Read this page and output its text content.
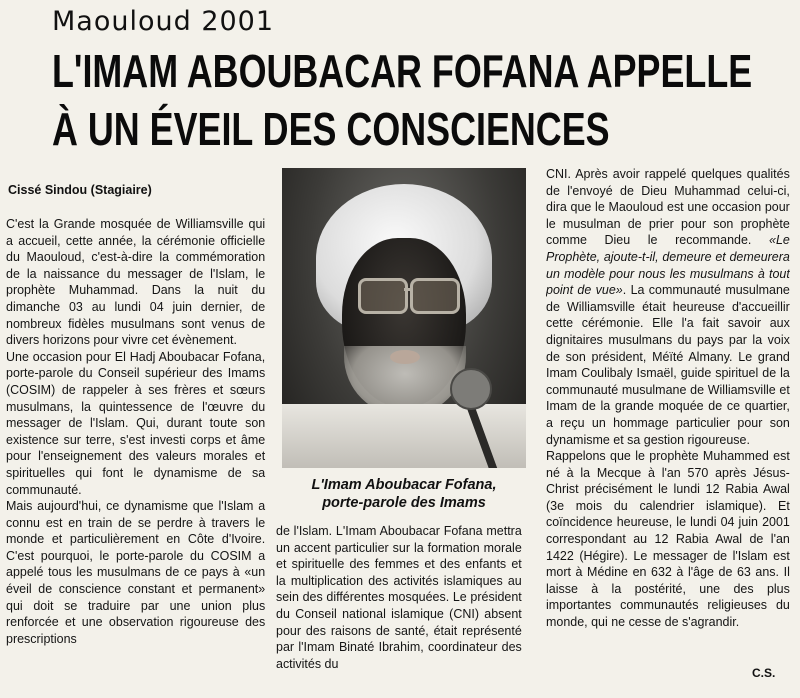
Maouloud 2001
L'IMAM ABOUBACAR FOFANA APPELLE
À UN ÉVEIL DES CONSCIENCES
Cissé Sindou (Stagiaire)

C'est la Grande mosquée de Williamsville qui a accueil, cette année, la cérémonie officielle du Maouloud, c'est-à-dire la commémoration de la naissance du messager de l'Islam, le prophète Muhammad. Dans la nuit du dimanche 03 au lundi 04 juin dernier, de nombreux fidèles musulmans sont venus de divers horizons pour vivre cet évènement.

Une occasion pour El Hadj Aboubacar Fofana, porte-parole du Conseil supérieur des Imams (COSIM) de rappeler à ses frères et sœurs musulmans, la quintessence de l'œuvre du messager de l'Islam. Qui, durant toute son existence sur terre, s'est investi corps et âme pour l'enseignement des valeurs morales et spirituelles qui font le dynamisme de sa communauté.

Mais aujourd'hui, ce dynamisme que l'Islam a connu est en train de se perdre à travers le monde et particulièrement en Côte d'Ivoire. C'est pourquoi, le porte-parole du COSIM a appelé tous les musulmans de ce pays à «un éveil de conscience constant et permanent» qui doit se traduire par une union plus renforcée et une observation rigoureuse des prescriptions

L'Imam Aboubacar Fofana,
porte-parole des Imams

de l'Islam. L'Imam Aboubacar Fofana mettra un accent particulier sur la formation morale et spirituelle des femmes et des enfants et la multiplication des activités islamiques au sein des différentes mosquées. Le président du Conseil national islamique (CNI) absent pour des raisons de santé, était représenté par l'Imam Binaté Ibrahim, coordinateur des activités du

CNI. Après avoir rappelé quelques qualités de l'envoyé de Dieu Muhammad celui-ci, dira que le Maouloud est une occasion pour le musulman de prier pour son prophète comme Dieu le recommande. «Le Prophète, ajoute-t-il, demeure et demeurera un modèle pour nous les musulmans à tout point de vue». La communauté musulmane de Williamsville était heureuse d'accueillir cette cérémonie. Elle l'a fait savoir aux dignitaires musulmans du pays par la voix de son président, Méïté Almany. Le grand Imam Coulibaly Ismaël, guide spirituel de la communauté musulmane de Williamsville et Imam de la grande moquée de ce quartier, a reçu un hommage particulier pour son dynamisme et sa gestion rigoureuse.

Rappelons que le prophète Muhammed est né à la Mecque à l'an 570 après Jésus-Christ précisément le lundi 12 Rabia Awal (3e mois du calendrier islamique). Et coïncidence heureuse, le lundi 04 juin 2001 correspondant au 12 Rabia Awal de l'an 1422 (Hégire). Le messager de l'Islam est mort à Médine en 632 à l'âge de 63 ans. Il laisse à la postérité, une des plus importantes communautés religieuses du monde, qui ne cesse de s'agrandir.

C.S.
